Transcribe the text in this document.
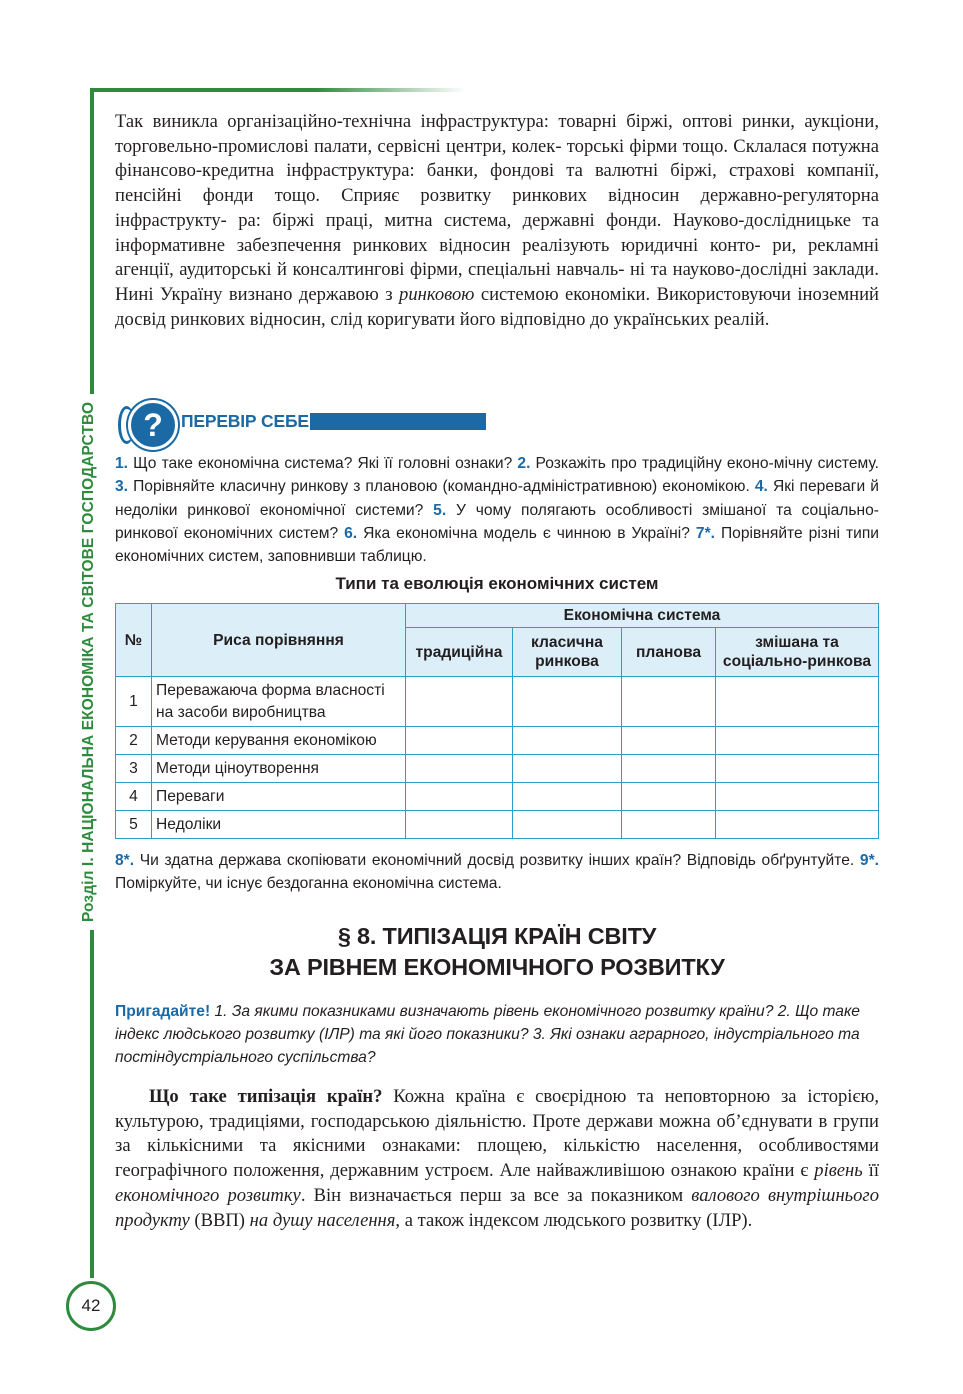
Розділ І. НАЦІОНАЛЬНА ЕКОНОМІКА ТА СВІТОВЕ ГОСПОДАРСТВО
42

Так виникла організаційно-технічна інфраструктура: товарні біржі, оптові ринки, аукціони, торговельно-промислові палати, сервісні центри, колек- торські фірми тощо. Склалася потужна фінансово-кредитна інфраструктура: банки, фондові та валютні біржі, страхові компанії, пенсійні фонди тощо. Сприяє розвитку ринкових відносин державно-регуляторна інфраструкту- ра: біржі праці, митна система, державні фонди. Науково-дослідницьке та інформативне забезпечення ринкових відносин реалізують юридичні конто- ри, рекламні агенції, аудиторські й консалтингові фірми, спеціальні навчаль- ні та науково-дослідні заклади. Нині Україну визнано державою з ринковою системою економіки. Використовуючи іноземний досвід ринкових відносин, слід коригувати його відповідно до українських реалій.

?	ПЕРЕВІР СЕБЕ

1. Що таке економічна система? Які її головні ознаки? 2. Розкажіть про традиційну еконо-мічну систему. 3. Порівняйте класичну ринкову з плановою (командно-адміністративною) економікою. 4. Які переваги й недоліки ринкової економічної системи? 5. У чому полягають особливості змішаної та соціально-ринкової економічних систем? 6. Яка економічна модель є чинною в Україні? 7*. Порівняйте різні типи економічних систем, заповнивши таблицю.

Типи та еволюція економічних систем
№	Риса порівняння	Економічна система			
		традиційна	класична ринкова	планова	змішана та соціально-ринкова
1	Переважаюча форма власності на засоби виробництва				
2	Методи керування економікою				
3	Методи ціноутворення				
4	Переваги				
5	Недоліки				

8*. Чи здатна держава скопіювати економічний досвід розвитку інших країн? Відповідь обґрунтуйте. 9*. Поміркуйте, чи існує бездоганна економічна система.

§ 8. ТИПІЗАЦІЯ КРАЇН СВІТУ
ЗА РІВНЕМ ЕКОНОМІЧНОГО РОЗВИТКУ
Пригадайте! 1. За якими показниками визначають рівень економічного розвитку країни? 2. Що таке індекс людського розвитку (ІЛР) та які його показники? 3. Які ознаки аграрного, індустріального та постіндустріального суспільства?

Що таке типізація країн? Кожна країна є своєрідною та неповторною за історією, культурою, традиціями, господарською діяльністю. Проте держави можна об’єднувати в групи за кількісними та якісними ознаками: площею, кількістю населення, особливостями географічного положення, державним устроєм. Але найважливішою ознакою країни є рівень її економічного розвитку. Він визначається перш за все за показником валового внутрішнього продукту (ВВП) на душу населення, а також індексом людського розвитку (ІЛР).
